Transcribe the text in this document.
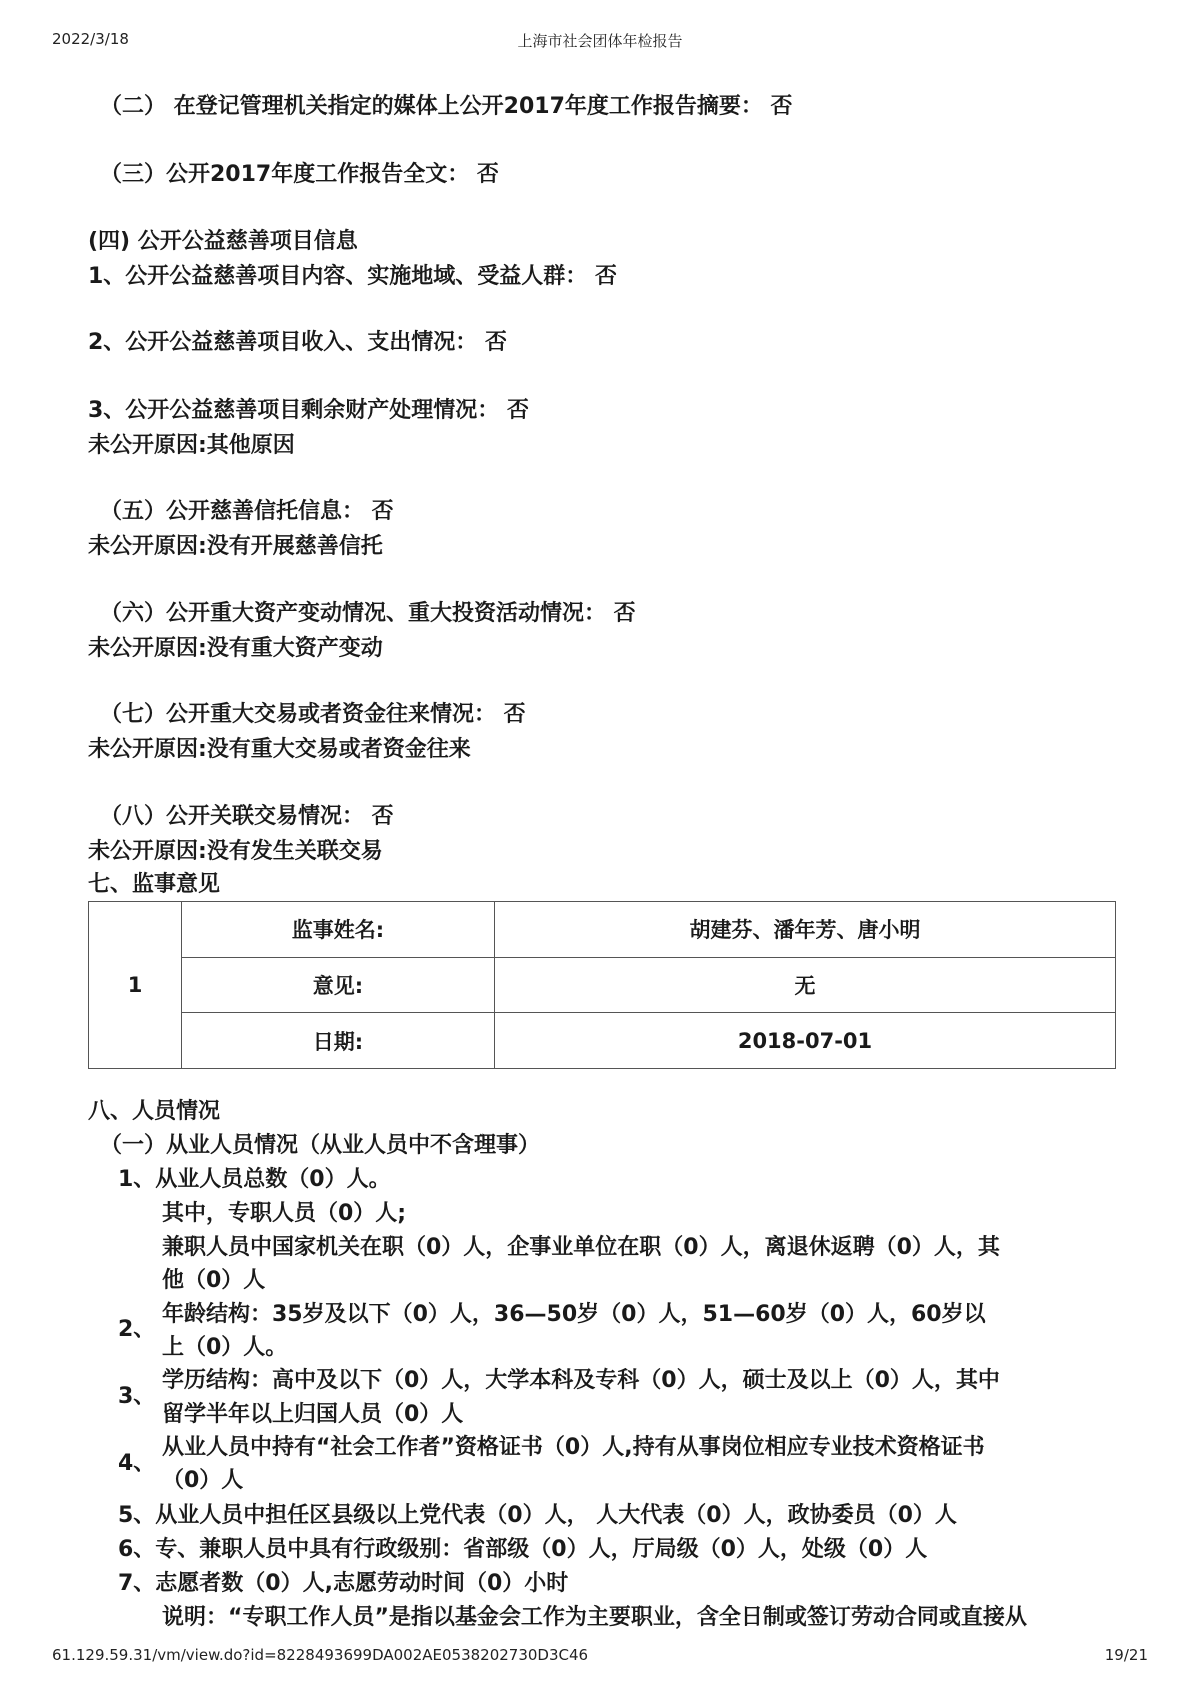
2022/3/18	上海市社会团体年检报告
（二） 在登记管理机关指定的媒体上公开2017年度工作报告摘要： 否
（三）公开2017年度工作报告全文： 否
(四) 公开公益慈善项目信息
1、公开公益慈善项目内容、实施地域、受益人群： 否
2、公开公益慈善项目收入、支出情况： 否
3、公开公益慈善项目剩余财产处理情况： 否
未公开原因:其他原因
（五）公开慈善信托信息： 否
未公开原因:没有开展慈善信托
（六）公开重大资产变动情况、重大投资活动情况： 否
未公开原因:没有重大资产变动
（七）公开重大交易或者资金往来情况： 否
未公开原因:没有重大交易或者资金往来
（八）公开关联交易情况： 否
未公开原因:没有发生关联交易
七、监事意见
1	监事姓名:	胡建芬、潘年芳、唐小明
	意见:	无
	日期:	2018-07-01
八、人员情况
（一）从业人员情况（从业人员中不含理事）
1、从业人员总数（0）人。
其中，专职人员（0）人;
兼职人员中国家机关在职（0）人，企事业单位在职（0）人，离退休返聘（0）人，其
他（0）人
2、
年龄结构：35岁及以下（0）人，36—50岁（0）人，51—60岁（0）人，60岁以
上（0）人。
3、
学历结构：高中及以下（0）人，大学本科及专科（0）人，硕士及以上（0）人，其中
留学半年以上归国人员（0）人
4、
从业人员中持有“社会工作者”资格证书（0）人,持有从事岗位相应专业技术资格证书
（0）人
5、从业人员中担任区县级以上党代表（0）人， 人大代表（0）人，政协委员（0）人
6、专、兼职人员中具有行政级别：省部级（0）人，厅局级（0）人，处级（0）人
7、志愿者数（0）人,志愿劳动时间（0）小时
说明：“专职工作人员”是指以基金会工作为主要职业，含全日制或签订劳动合同或直接从
61.129.59.31/vm/view.do?id=8228493699DA002AE0538202730D3C46	19/21
